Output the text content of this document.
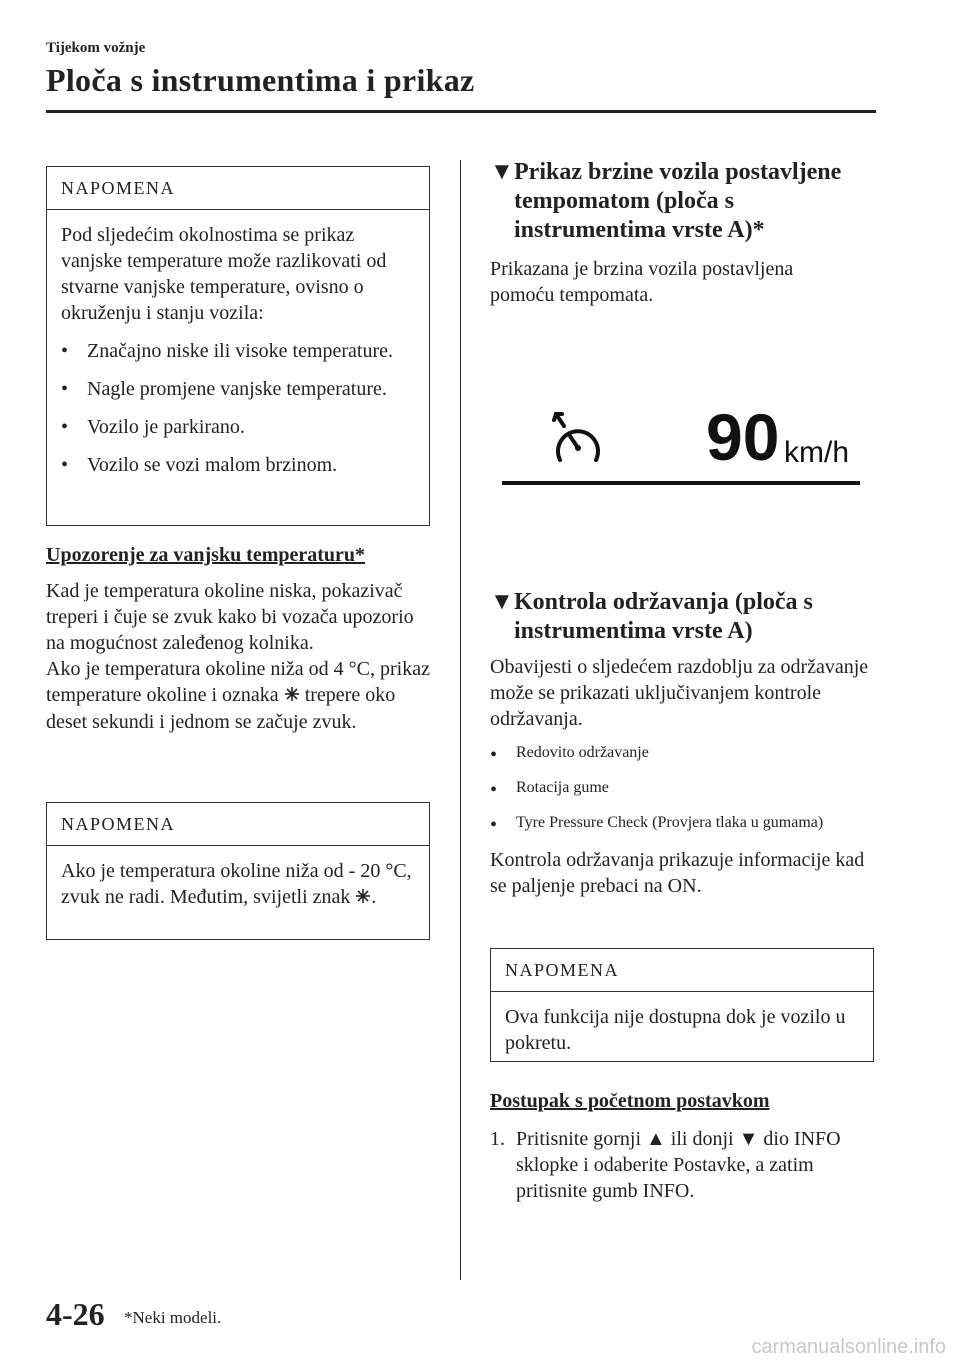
Tijekom vožnje
Ploča s instrumentima i prikaz
NAPOMENA

Pod sljedećim okolnostima se prikaz vanjske temperature može razlikovati od stvarne vanjske temperature, ovisno o okruženju i stanju vozila:

• Značajno niske ili visoke temperature.
• Nagle promjene vanjske temperature.
• Vozilo je parkirano.
• Vozilo se vozi malom brzinom.
Upozorenje za vanjsku temperaturu*

Kad je temperatura okoline niska, pokazivač treperi i čuje se zvuk kako bi vozača upozorio na mogućnost zaleđenog kolnika.

Ako je temperatura okoline niža od 4 °C, prikaz temperature okoline i oznaka trepere oko deset sekundi i jednom se začuje zvuk.

NAPOMENA
Ako je temperatura okoline niža od - 20 °C, zvuk ne radi. Međutim, svijetli znak .
▼Prikaz brzine vozila postavljene
tempomatom (ploča s
instrumentima vrste A)*

Prikazana je brzina vozila postavljena pomoću tempomata.

90 km/h
▼Kontrola održavanja (ploča s
instrumentima vrste A)

Obavijesti o sljedećem razdoblju za održavanje može se prikazati uključivanjem kontrole održavanja.

•	Redovito održavanje
•	Rotacija gume
•	Tyre Pressure Check (Provjera tlaka u gumama)

Kontrola održavanja prikazuje informacije kad se paljenje prebaci na ON.

NAPOMENA
Ova funkcija nije dostupna dok je vozilo u pokretu.
Postupak s početnom postavkom
1. Pritisnite gornji ▲ ili donji ▼ dio INFO sklopke i odaberite Postavke, a zatim pritisnite gumb INFO.
4-26 *Neki modeli.
carmanualsonline.info
